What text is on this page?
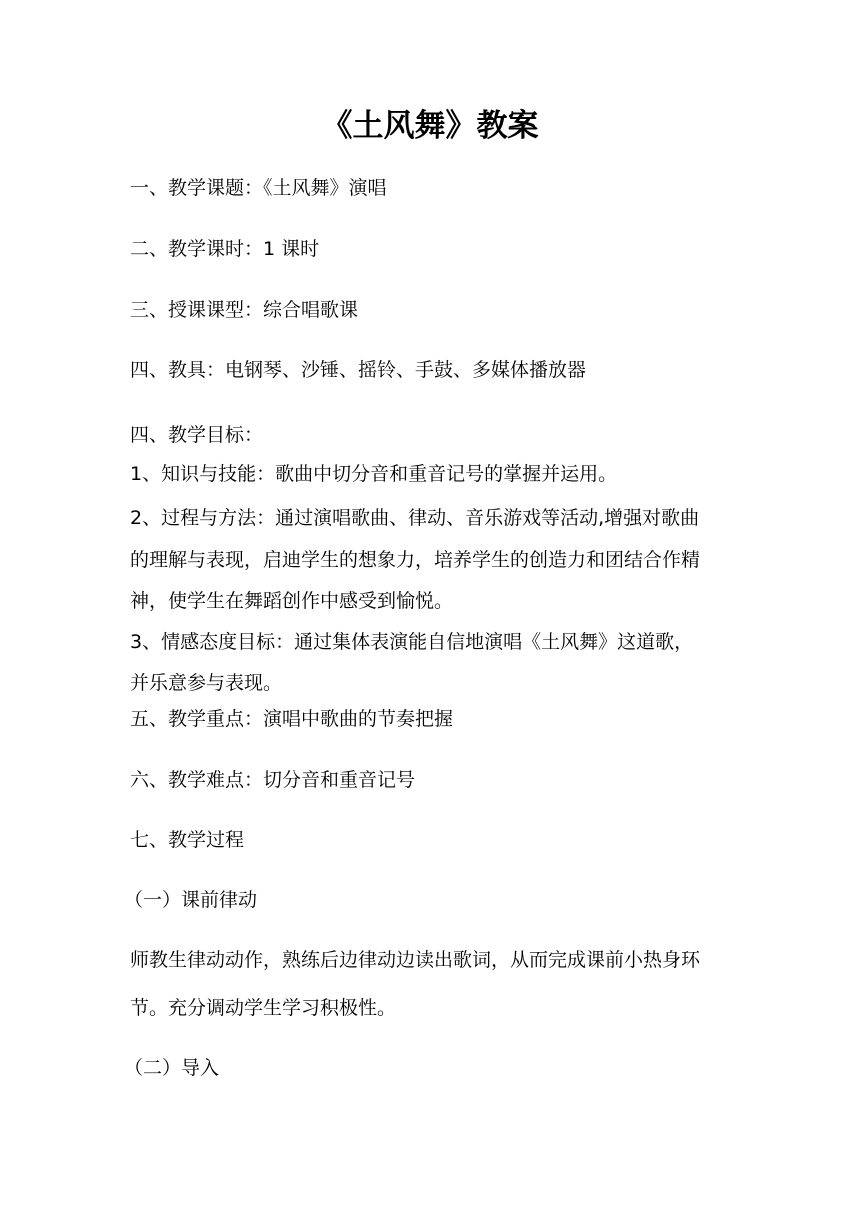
《土风舞》教案
一、教学课题：《土风舞》演唱
二、教学课时：1 课时
三、授课课型：综合唱歌课
四、教具：电钢琴、沙锤、摇铃、手鼓、多媒体播放器
四、教学目标：
1、知识与技能：歌曲中切分音和重音记号的掌握并运用。
2、过程与方法：通过演唱歌曲、律动、音乐游戏等活动,增强对歌曲
的理解与表现，启迪学生的想象力，培养学生的创造力和团结合作精
神，使学生在舞蹈创作中感受到愉悦。
3、情感态度目标：通过集体表演能自信地演唱《土风舞》这道歌，
并乐意参与表现。
五、教学重点：演唱中歌曲的节奏把握
六、教学难点：切分音和重音记号
七、教学过程
（一）课前律动
师教生律动动作，熟练后边律动边读出歌词，从而完成课前小热身环
节。充分调动学生学习积极性。
（二）导入
